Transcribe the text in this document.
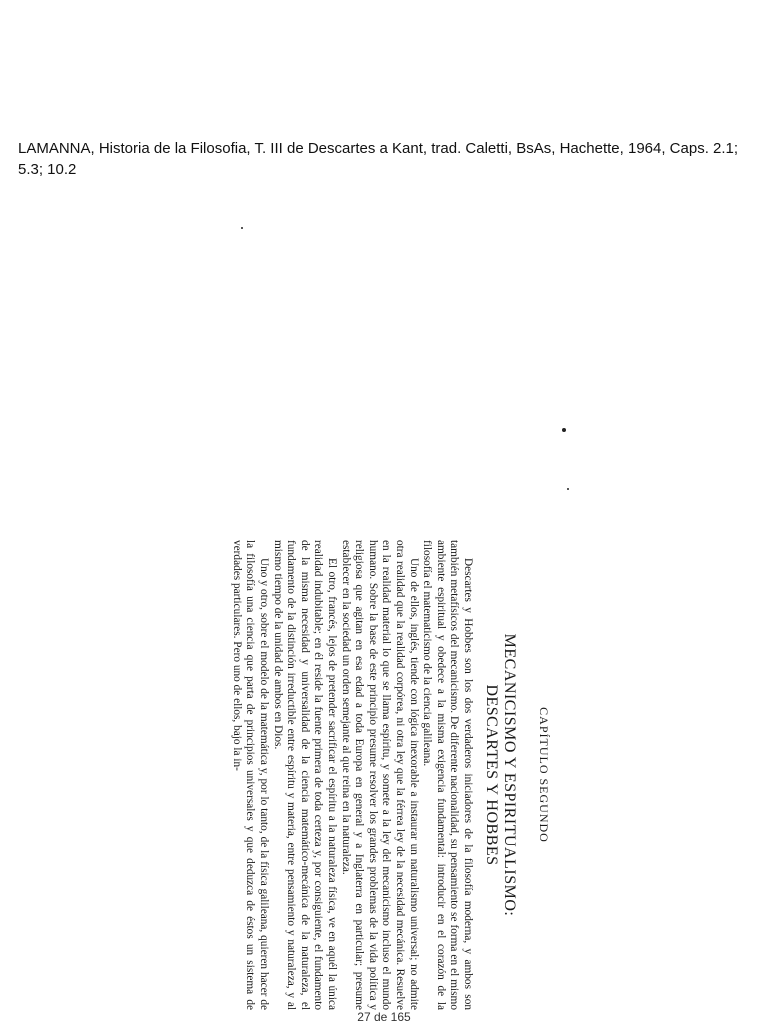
LAMANNA, Historia de la Filosofia, T. III de Descartes a Kant, trad. Caletti, BsAs, Hachette, 1964, Caps. 2.1; 5.3; 10.2
CAPÍTULO SEGUNDO
MECANICISMO Y ESPIRITUALISMO:
DESCARTES Y HOBBES

Descartes y Hobbes son los dos verdaderos iniciadores de la filosofía moderna, y ambos son también metafísicos del mecanicismo. De diferente nacionalidad, su pensamiento se forma en el mismo ambiente espiritual y obedece a la misma exigencia fundamental: introducir en el corazón de la filosofía el matematicismo de la ciencia galileana.

Uno de ellos, inglés, tiende con lógica inexorable a instaurar un naturalismo universal; no admite otra realidad que la realidad corpórea, ni otra ley que la férrea ley de la necesidad mecánica. Resuelve en la realidad material lo que se llama espíritu, y somete a la ley del mecanicismo incluso el mundo humano. Sobre la base de este principio presume resolver los grandes problemas de la vida política y religiosa que agitan en esa edad a toda Europa en general y a Inglaterra en particular; presume establecer en la sociedad un orden semejante al que reina en la naturaleza.

El otro, francés, lejos de pretender sacrificar el espíritu a la naturaleza física, ve en aquél la única realidad indubitable; en él reside la fuente primera de toda certeza y, por consiguiente, el fundamento de la misma necesidad y universalidad de la ciencia matemático-mecánica de la naturaleza, el fundamento de la distinción irreductible entre espíritu y materia, entre pensamiento y naturaleza, y al mismo tiempo de la unidad de ambos en Dios.

Uno y otro, sobre el modelo de la matemática y, por lo tanto, de la física galileana, quieren hacer de la filosofía una ciencia que parta de principios universales y que deduzca de éstos un sistema de verdades particulares. Pero uno de ellos, bajo la in-

27 de 165
